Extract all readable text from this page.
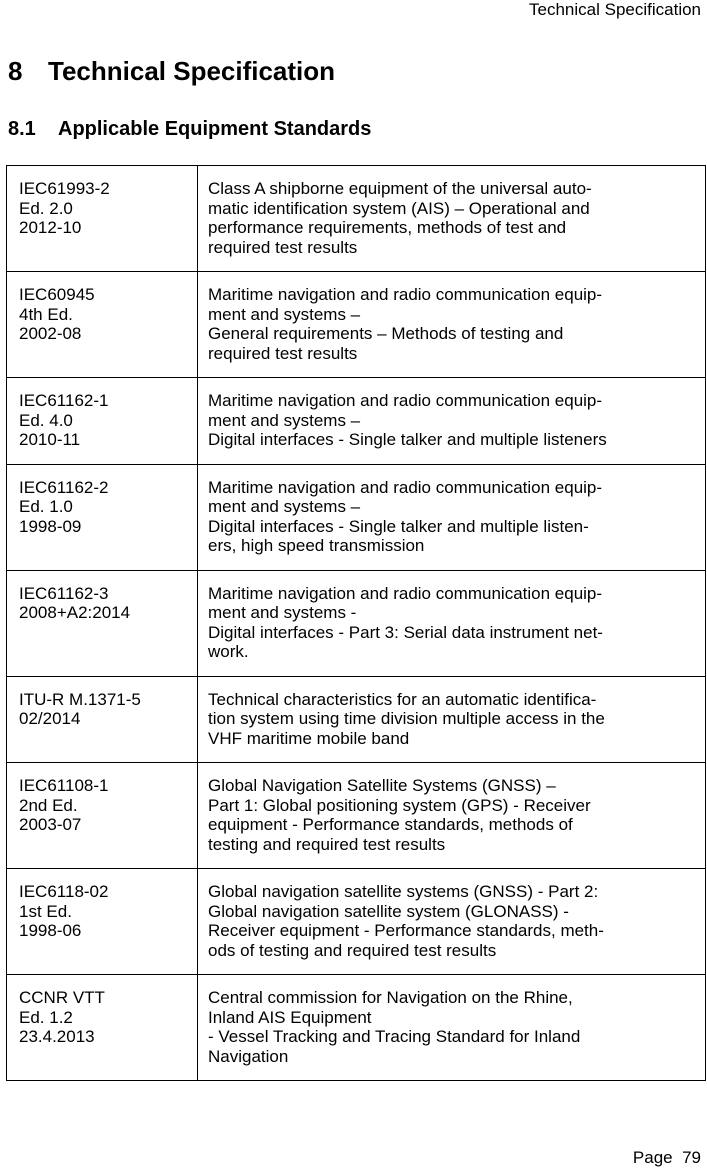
Technical Specification
8 Technical Specification
8.1 Applicable Equipment Standards
IEC61993-2
Ed. 2.0
2012-10	Class A shipborne equipment of the universal auto-
matic identification system (AIS) – Operational and
performance requirements, methods of test and
required test results

IEC60945
4th Ed.
2002-08	Maritime navigation and radio communication equip-
ment and systems –
General requirements – Methods of testing and
required test results

IEC61162-1
Ed. 4.0
2010-11	Maritime navigation and radio communication equip-
ment and systems –
Digital interfaces - Single talker and multiple listeners

IEC61162-2
Ed. 1.0
1998-09	Maritime navigation and radio communication equip-
ment and systems –
Digital interfaces - Single talker and multiple listen-
ers, high speed transmission

IEC61162-3
2008+A2:2014	Maritime navigation and radio communication equip-
ment and systems -
Digital interfaces - Part 3: Serial data instrument net-
work.

ITU-R M.1371-5
02/2014	Technical characteristics for an automatic identifica-
tion system using time division multiple access in the
VHF maritime mobile band

IEC61108-1
2nd Ed.
2003-07	Global Navigation Satellite Systems (GNSS) –
Part 1: Global positioning system (GPS) - Receiver
equipment - Performance standards, methods of
testing and required test results

IEC6118-02
1st Ed.
1998-06	Global navigation satellite systems (GNSS) - Part 2:
Global navigation satellite system (GLONASS) -
Receiver equipment - Performance standards, meth-
ods of testing and required test results

CCNR VTT
Ed. 1.2
23.4.2013	Central commission for Navigation on the Rhine,
Inland AIS Equipment
- Vessel Tracking and Tracing Standard for Inland
Navigation
Page 79
